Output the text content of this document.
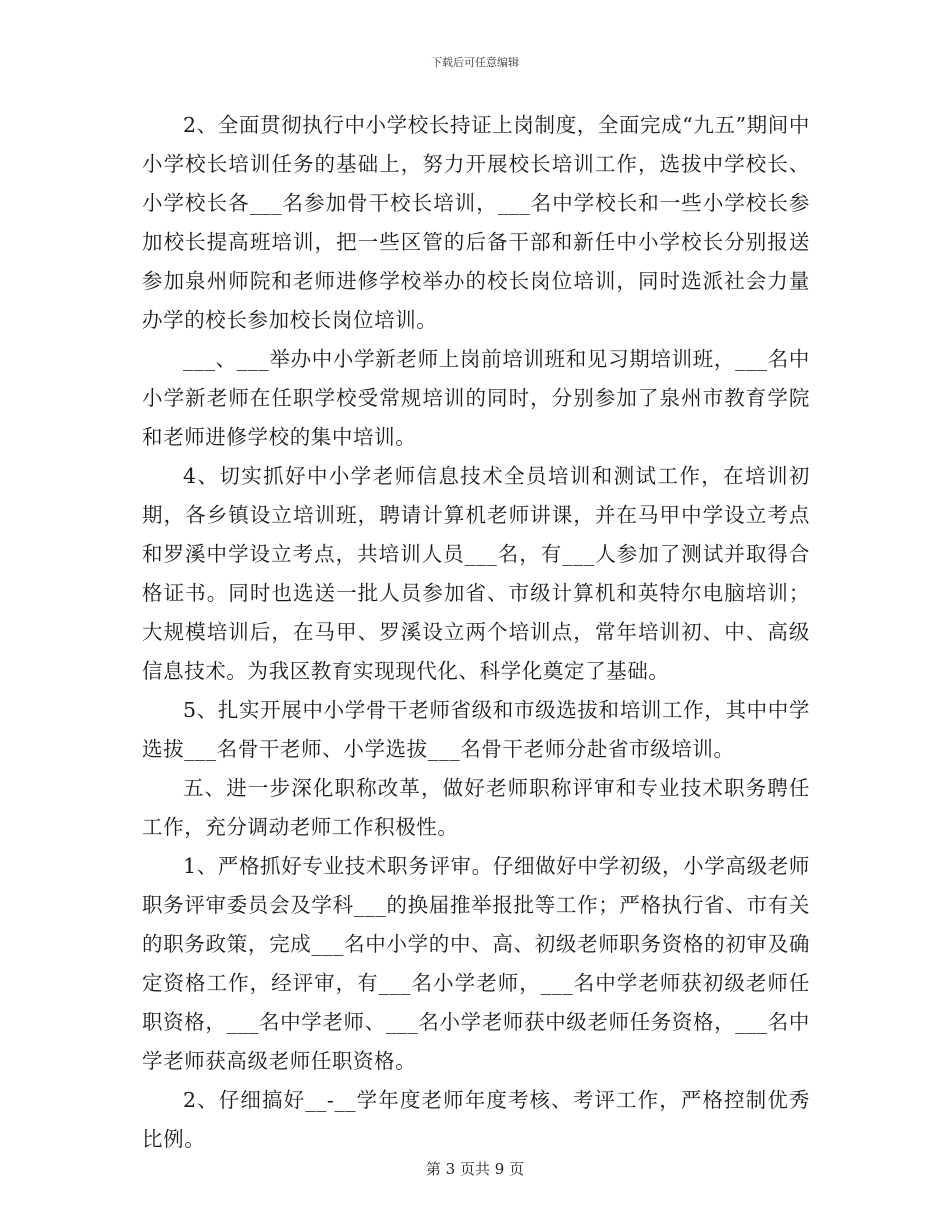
下载后可任意编辑

2、全面贯彻执行中小学校长持证上岗制度，全面完成“九五”期间中小学校长培训任务的基础上，努力开展校长培训工作，选拔中学校长、小学校长各___名参加骨干校长培训，___名中学校长和一些小学校长参加校长提高班培训，把一些区管的后备干部和新任中小学校长分别报送参加泉州师院和老师进修学校举办的校长岗位培训，同时选派社会力量办学的校长参加校长岗位培训。

___、___举办中小学新老师上岗前培训班和见习期培训班，___名中小学新老师在任职学校受常规培训的同时，分别参加了泉州市教育学院和老师进修学校的集中培训。

4、切实抓好中小学老师信息技术全员培训和测试工作，在培训初期，各乡镇设立培训班，聘请计算机老师讲课，并在马甲中学设立考点和罗溪中学设立考点，共培训人员___名，有___人参加了测试并取得合格证书。同时也选送一批人员参加省、市级计算机和英特尔电脑培训；大规模培训后，在马甲、罗溪设立两个培训点，常年培训初、中、高级信息技术。为我区教育实现现代化、科学化奠定了基础。

5、扎实开展中小学骨干老师省级和市级选拔和培训工作，其中中学选拔___名骨干老师、小学选拔___名骨干老师分赴省市级培训。

五、进一步深化职称改革，做好老师职称评审和专业技术职务聘任工作，充分调动老师工作积极性。

1、严格抓好专业技术职务评审。仔细做好中学初级，小学高级老师职务评审委员会及学科___的换届推举报批等工作；严格执行省、市有关的职务政策，完成___名中小学的中、高、初级老师职务资格的初审及确定资格工作，经评审，有___名小学老师，___名中学老师获初级老师任职资格，___名中学老师、___名小学老师获中级老师任务资格，___名中学老师获高级老师任职资格。

2、仔细搞好__-__学年度老师年度考核、考评工作，严格控制优秀比例。

第 3 页共 9 页
